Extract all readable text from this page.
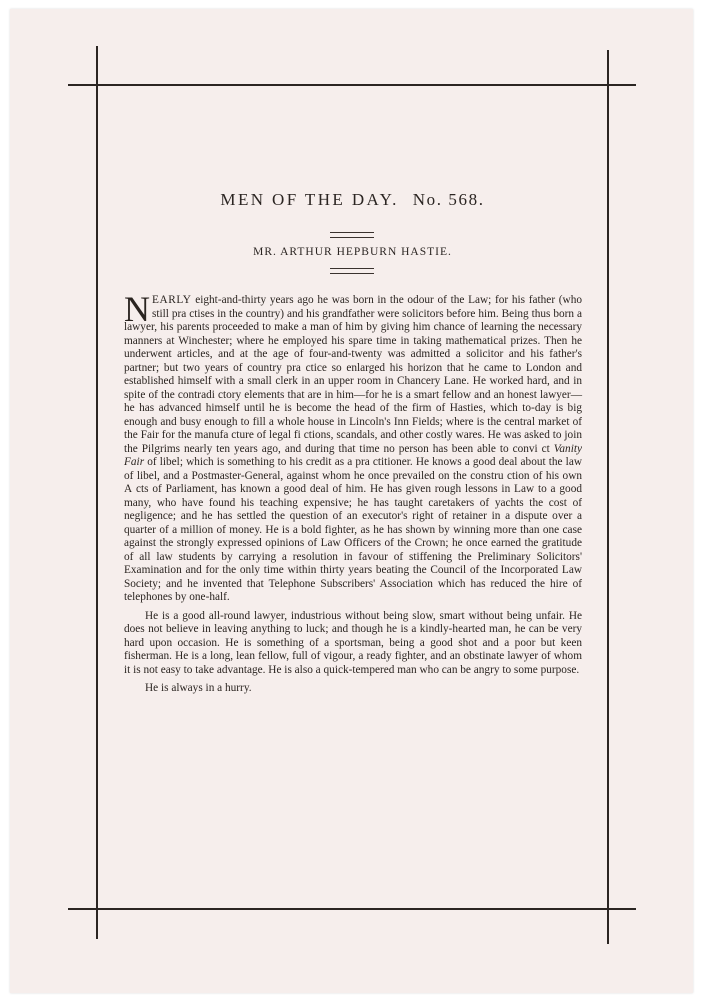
MEN OF THE DAY. No. 568.

MR. ARTHUR HEPBURN HASTIE.

NEARLY eight-and-thirty years ago he was born in the odour of the Law; for his father (who still pra ctises in the country) and his grandfather were solicitors before him. Being thus born a lawyer, his parents proceeded to make a man of him by giving him chance of learning the necessary manners at Winchester; where he employed his spare time in taking mathematical prizes. Then he underwent articles, and at the age of four-and-twenty was admitted a solicitor and his father's partner; but two years of country pra ctice so enlarged his horizon that he came to London and established himself with a small clerk in an upper room in Chancery Lane. He worked hard, and in spite of the contradi ctory elements that are in him—for he is a smart fellow and an honest lawyer—he has advanced himself until he is become the head of the firm of Hasties, which to-day is big enough and busy enough to fill a whole house in Lincoln's Inn Fields; where is the central market of the Fair for the manufa cture of legal fi ctions, scandals, and other costly wares. He was asked to join the Pilgrims nearly ten years ago, and during that time no person has been able to convi ct Vanity Fair of libel; which is something to his credit as a pra ctitioner. He knows a good deal about the law of libel, and a Postmaster-General, against whom he once prevailed on the constru ction of his own A cts of Parliament, has known a good deal of him. He has given rough lessons in Law to a good many, who have found his teaching expensive; he has taught caretakers of yachts the cost of negligence; and he has settled the question of an executor's right of retainer in a dispute over a quarter of a million of money. He is a bold fighter, as he has shown by winning more than one case against the strongly expressed opinions of Law Officers of the Crown; he once earned the gratitude of all law students by carrying a resolution in favour of stiffening the Preliminary Solicitors' Examination and for the only time within thirty years beating the Council of the Incorporated Law Society; and he invented that Telephone Subscribers' Association which has reduced the hire of telephones by one-half.

He is a good all-round lawyer, industrious without being slow, smart without being unfair. He does not believe in leaving anything to luck; and though he is a kindly-hearted man, he can be very hard upon occasion. He is something of a sportsman, being a good shot and a poor but keen fisherman. He is a long, lean fellow, full of vigour, a ready fighter, and an obstinate lawyer of whom it is not easy to take advantage. He is also a quick-tempered man who can be angry to some purpose.

He is always in a hurry.
